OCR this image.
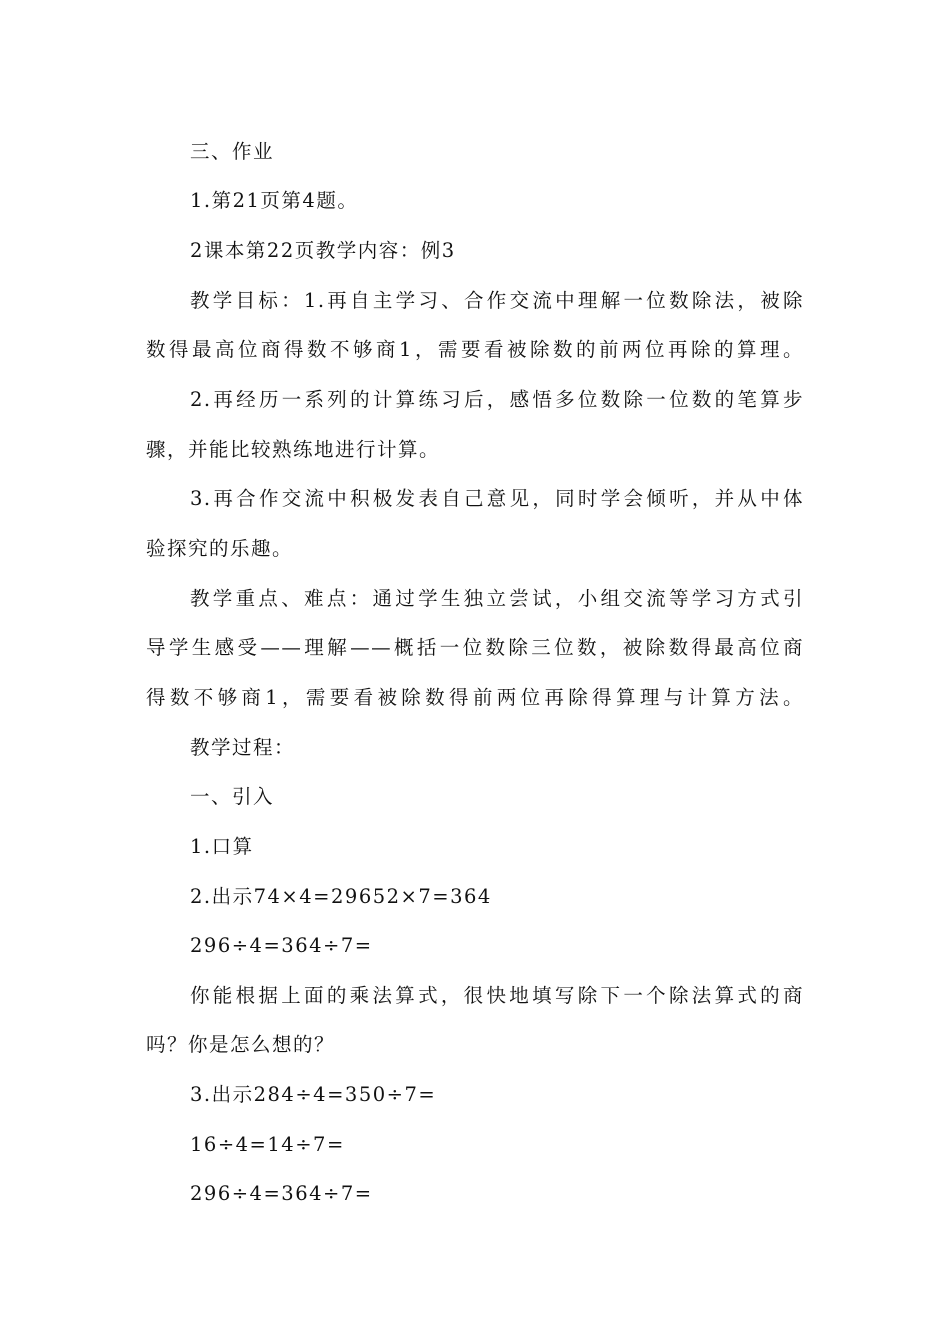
三、作业
1.第21页第4题。
2课本第22页教学内容：例3
教学目标：1.再自主学习、合作交流中理解一位数除法，被除
数得最高位商得数不够商1，需要看被除数的前两位再除的算理。
2.再经历一系列的计算练习后，感悟多位数除一位数的笔算步
骤，并能比较熟练地进行计算。
3.再合作交流中积极发表自己意见，同时学会倾听，并从中体
验探究的乐趣。
教学重点、难点：通过学生独立尝试，小组交流等学习方式引
导学生感受——理解——概括一位数除三位数，被除数得最高位商
得数不够商1，需要看被除数得前两位再除得算理与计算方法。
教学过程：
一、引入
1.口算
2.出示74×4=29652×7=364
296÷4=364÷7=
你能根据上面的乘法算式，很快地填写除下一个除法算式的商
吗？你是怎么想的？
3.出示284÷4=350÷7=
16÷4=14÷7=
296÷4=364÷7=
